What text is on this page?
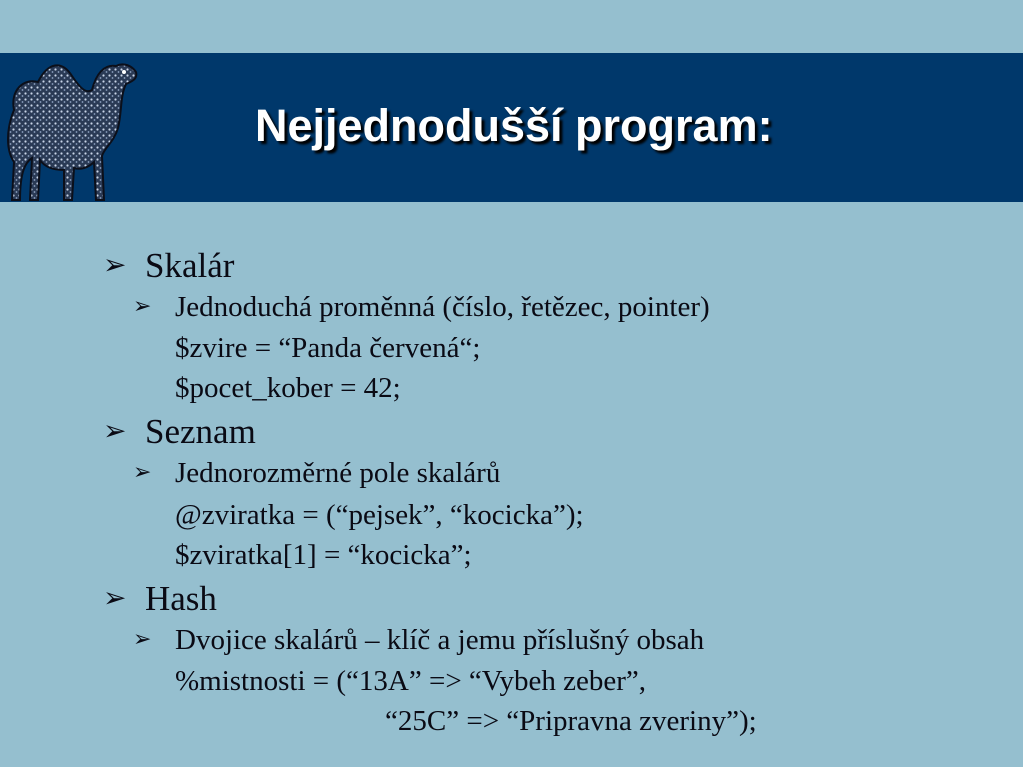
Nejjednodušší program:
➢ Skalár
➢ Jednoduchá proměnná (číslo, řetězec, pointer)
$zvire = “Panda červená“;
$pocet_kober = 42;
➢ Seznam
➢ Jednorozměrné pole skalárů
@zviratka = (“pejsek”, “kocicka”);
$zviratka[1] = “kocicka”;
➢ Hash
➢ Dvojice skalárů – klíč a jemu příslušný obsah
%mistnosti = (“13A” => “Vybeh zeber”,
“25C” => “Pripravna zveriny”);
